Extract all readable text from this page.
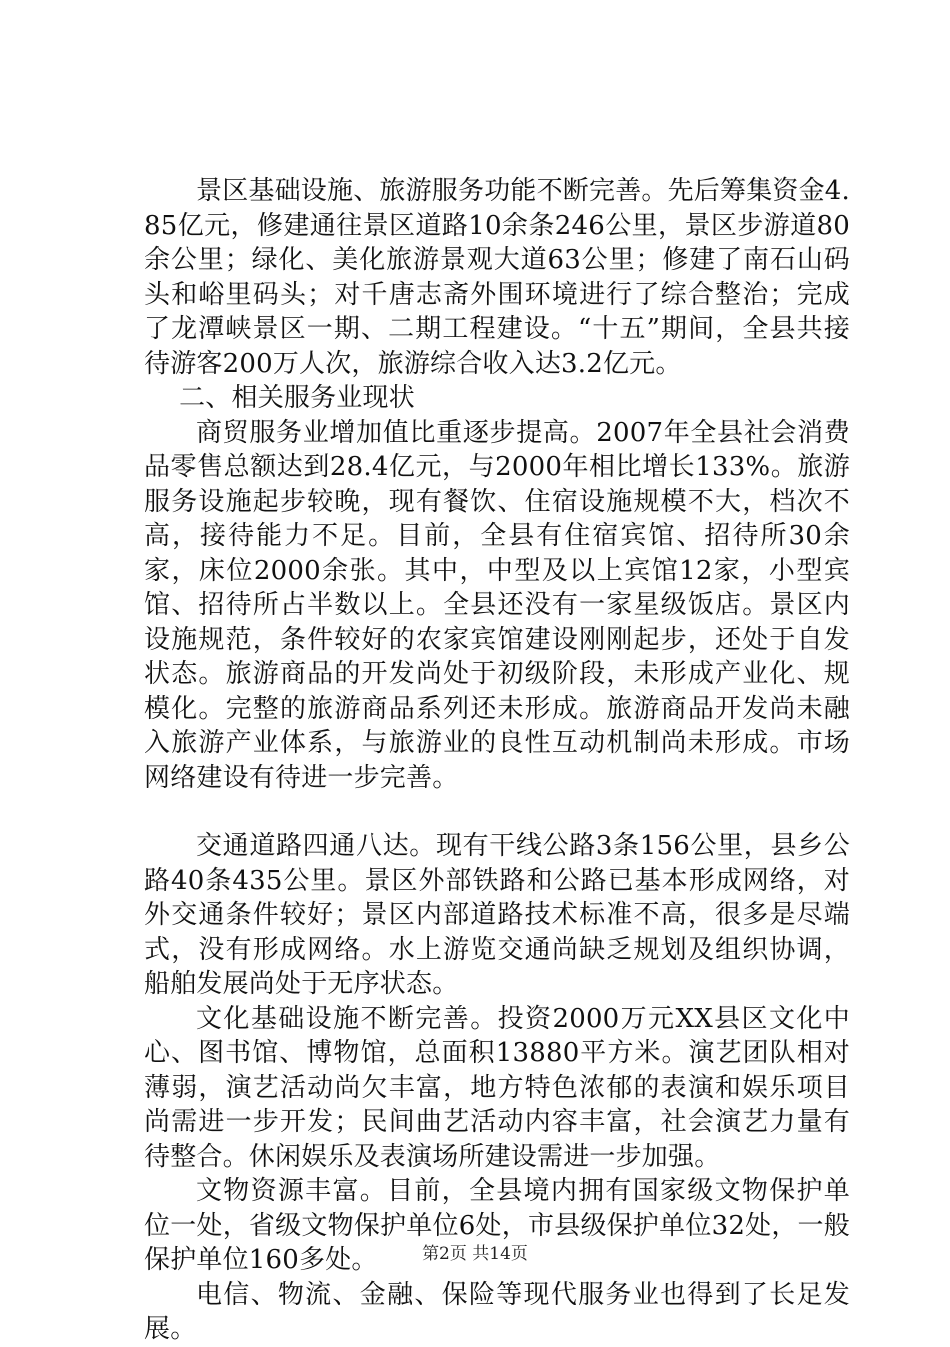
景区基础设施、旅游服务功能不断完善。先后筹集资金4.85亿元，修建通往景区道路10余条246公里，景区步游道80余公里；绿化、美化旅游景观大道63公里；修建了南石山码头和峪里码头；对千唐志斋外围环境进行了综合整治；完成了龙潭峡景区一期、二期工程建设。“十五”期间，全县共接待游客200万人次，旅游综合收入达3.2亿元。

二、相关服务业现状

商贸服务业增加值比重逐步提高。2007年全县社会消费品零售总额达到28.4亿元，与2000年相比增长133%。旅游服务设施起步较晚，现有餐饮、住宿设施规模不大，档次不高，接待能力不足。目前，全县有住宿宾馆、招待所30余家，床位2000余张。其中，中型及以上宾馆12家，小型宾馆、招待所占半数以上。全县还没有一家星级饭店。景区内设施规范，条件较好的农家宾馆建设刚刚起步，还处于自发状态。旅游商品的开发尚处于初级阶段，未形成产业化、规模化。完整的旅游商品系列还未形成。旅游商品开发尚未融入旅游产业体系，与旅游业的良性互动机制尚未形成。市场网络建设有待进一步完善。

交通道路四通八达。现有干线公路3条156公里，县乡公路40条435公里。景区外部铁路和公路已基本形成网络，对外交通条件较好；景区内部道路技术标准不高，很多是尽端式，没有形成网络。水上游览交通尚缺乏规划及组织协调，船舶发展尚处于无序状态。

文化基础设施不断完善。投资2000万元XX县区文化中心、图书馆、博物馆，总面积13880平方米。演艺团队相对薄弱，演艺活动尚欠丰富，地方特色浓郁的表演和娱乐项目尚需进一步开发；民间曲艺活动内容丰富，社会演艺力量有待整合。休闲娱乐及表演场所建设需进一步加强。

文物资源丰富。目前，全县境内拥有国家级文物保护单位一处，省级文物保护单位6处，市县级保护单位32处，一般保护单位160多处。

电信、物流、金融、保险等现代服务业也得到了长足发展。

第2页 共14页
